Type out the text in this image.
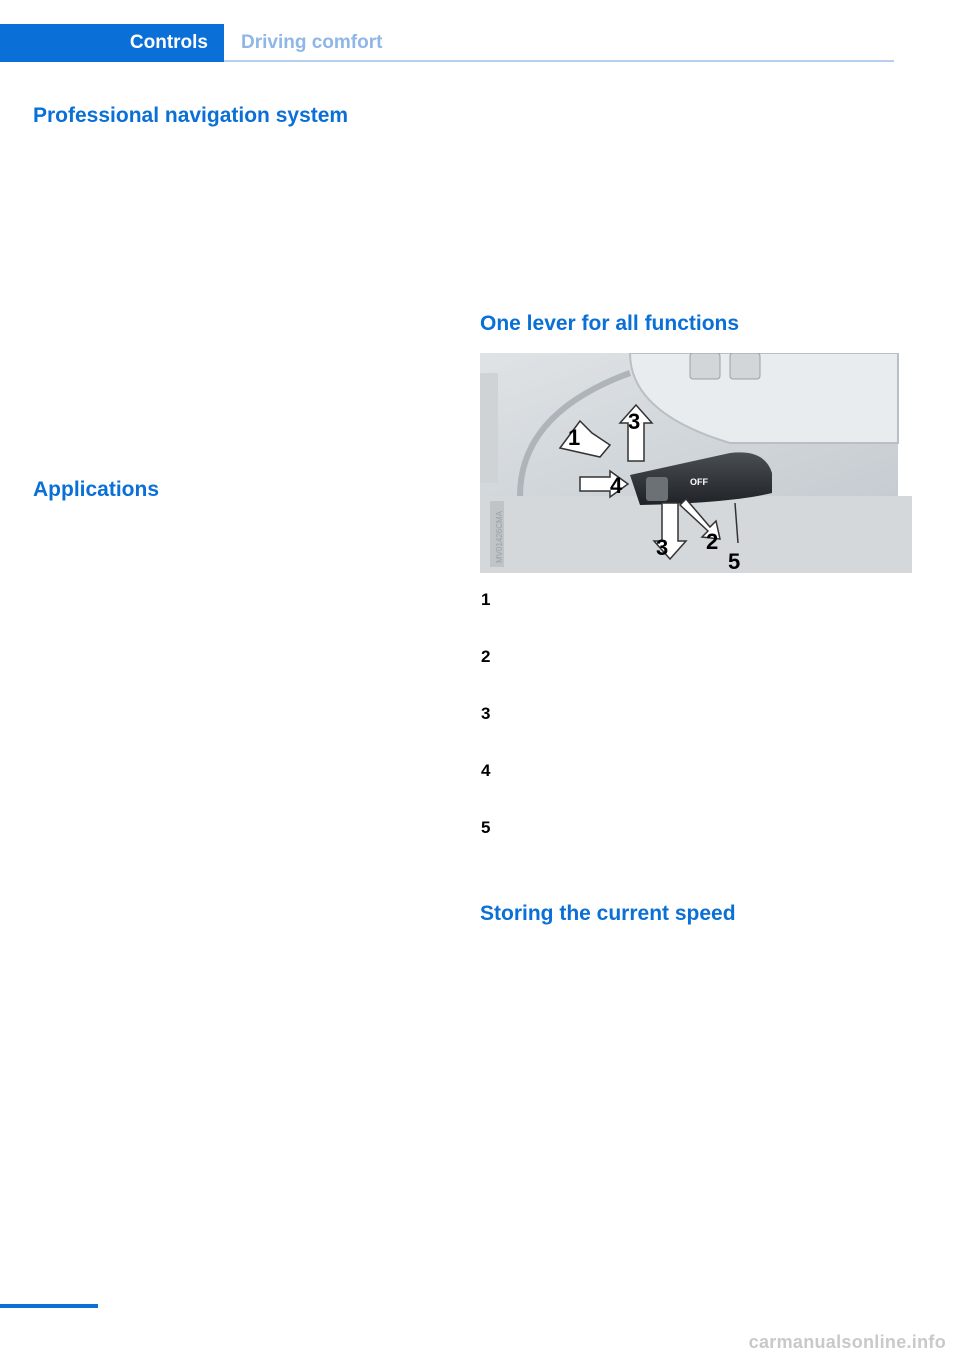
Controls Driving comfort
Professional navigation system
Applications
One lever for all functions
Storing the current speed
OFF
1
2
3
3
4
5
MV01426CMA
1
2
3
4
5
carmanualsonline.info
